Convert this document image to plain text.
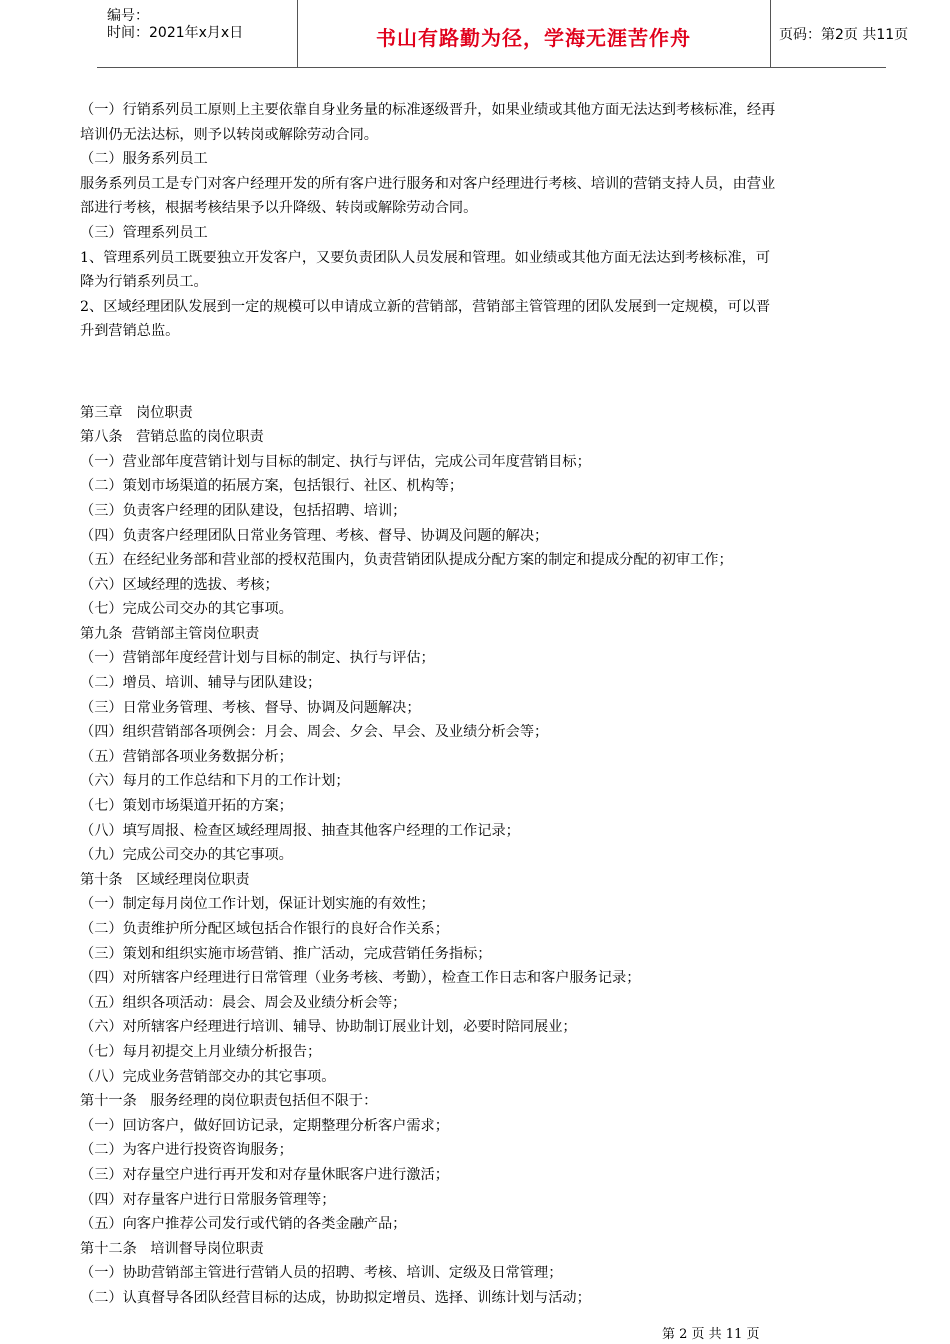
编号：
时间：2021年x月x日	书山有路勤为径，学海无涯苦作舟	页码：第2页 共11页

（一）行销系列员工原则上主要依靠自身业务量的标准逐级晋升，如果业绩或其他方面无法达到考核标准，经再

培训仍无法达标，则予以转岗或解除劳动合同。

（二）服务系列员工

服务系列员工是专门对客户经理开发的所有客户进行服务和对客户经理进行考核、培训的营销支持人员，由营业

部进行考核，根据考核结果予以升降级、转岗或解除劳动合同。

（三）管理系列员工

1、管理系列员工既要独立开发客户，又要负责团队人员发展和管理。如业绩或其他方面无法达到考核标准，可

降为行销系列员工。

2、区域经理团队发展到一定的规模可以申请成立新的营销部，营销部主管管理的团队发展到一定规模，可以晋

升到营销总监。

第三章   岗位职责

第八条   营销总监的岗位职责

（一）营业部年度营销计划与目标的制定、执行与评估，完成公司年度营销目标；

（二）策划市场渠道的拓展方案，包括银行、社区、机构等；

（三）负责客户经理的团队建设，包括招聘、培训；

（四）负责客户经理团队日常业务管理、考核、督导、协调及问题的解决；

（五）在经纪业务部和营业部的授权范围内，负责营销团队提成分配方案的制定和提成分配的初审工作；

（六）区域经理的选拔、考核；

（七）完成公司交办的其它事项。

第九条  营销部主管岗位职责

（一）营销部年度经营计划与目标的制定、执行与评估；

（二）增员、培训、辅导与团队建设；

（三）日常业务管理、考核、督导、协调及问题解决；

（四）组织营销部各项例会：月会、周会、夕会、早会、及业绩分析会等；

（五）营销部各项业务数据分析；

（六）每月的工作总结和下月的工作计划；

（七）策划市场渠道开拓的方案；

（八）填写周报、检查区域经理周报、抽查其他客户经理的工作记录；

（九）完成公司交办的其它事项。

第十条   区域经理岗位职责

（一）制定每月岗位工作计划，保证计划实施的有效性；

（二）负责维护所分配区域包括合作银行的良好合作关系；

（三）策划和组织实施市场营销、推广活动，完成营销任务指标；

（四）对所辖客户经理进行日常管理（业务考核、考勤），检查工作日志和客户服务记录；

（五）组织各项活动：晨会、周会及业绩分析会等；

（六）对所辖客户经理进行培训、辅导、协助制订展业计划，必要时陪同展业；

（七）每月初提交上月业绩分析报告；

（八）完成业务营销部交办的其它事项。

第十一条   服务经理的岗位职责包括但不限于：

（一）回访客户，做好回访记录，定期整理分析客户需求；

（二）为客户进行投资咨询服务；

（三）对存量空户进行再开发和对存量休眠客户进行激活；

（四）对存量客户进行日常服务管理等；

（五）向客户推荐公司发行或代销的各类金融产品；

第十二条   培训督导岗位职责

（一）协助营销部主管进行营销人员的招聘、考核、培训、定级及日常管理；

（二）认真督导各团队经营目标的达成，协助拟定增员、选择、训练计划与活动；

第 2 页 共 11 页
